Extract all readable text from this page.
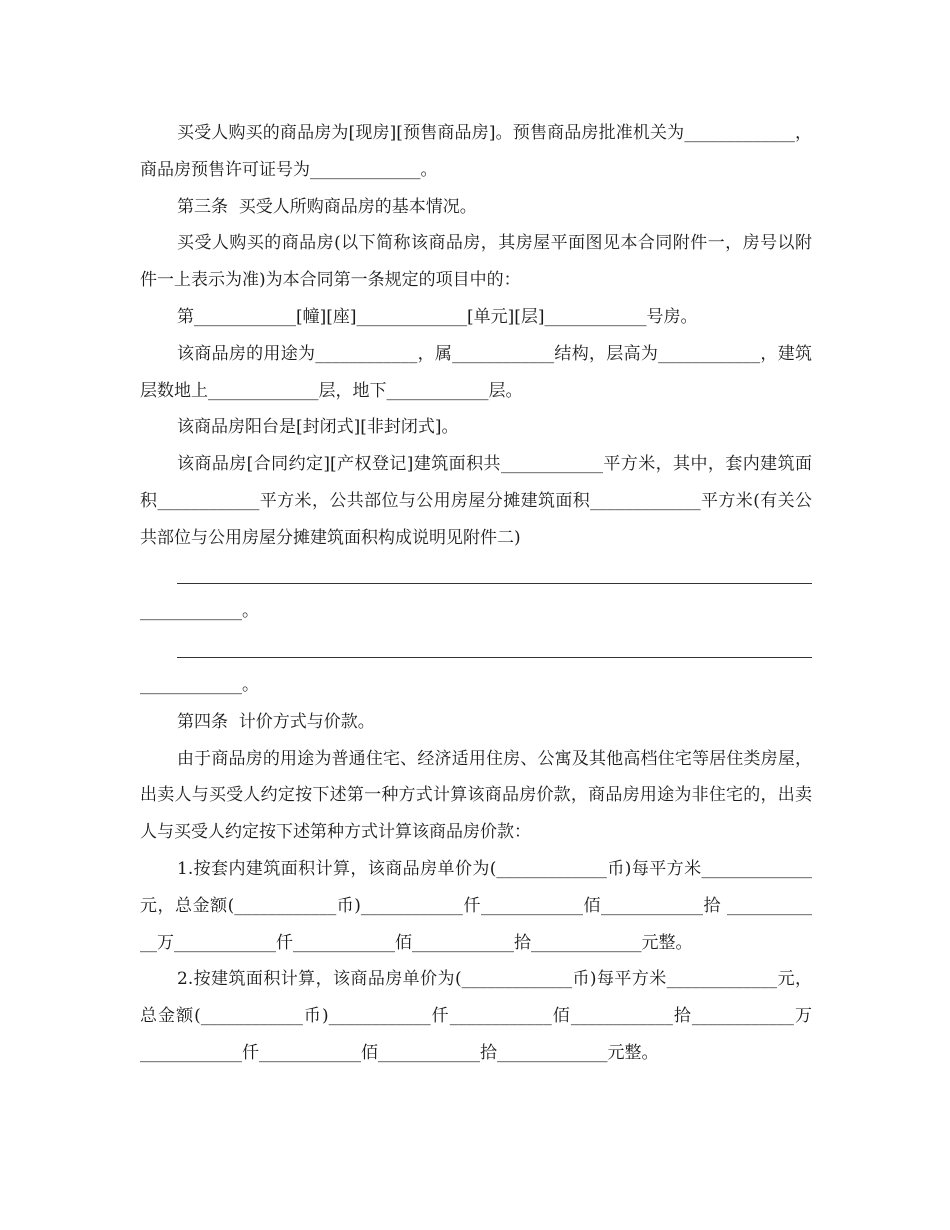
买受人购买的商品房为[现房][预售商品房]。预售商品房批准机关为_____________，商品房预售许可证号为_____________。

第三条  买受人所购商品房的基本情况。

买受人购买的商品房(以下简称该商品房，其房屋平面图见本合同附件一，房号以附件一上表示为准)为本合同第一条规定的项目中的：

第____________[幢][座]_____________[单元][层]____________号房。

该商品房的用途为____________，属____________结构，层高为____________，建筑层数地上_____________层，地下____________层。

该商品房阳台是[封闭式][非封闭式]。

该商品房[合同约定][产权登记]建筑面积共____________平方米，其中，套内建筑面积____________平方米，公共部位与公用房屋分摊建筑面积_____________平方米(有关公共部位与公用房屋分摊建筑面积构成说明见附件二)

____________。
____________。

第四条  计价方式与价款。

由于商品房的用途为普通住宅、经济适用住房、公寓及其他高档住宅等居住类房屋，出卖人与买受人约定按下述第一种方式计算该商品房价款，商品房用途为非住宅的，出卖人与买受人约定按下述第种方式计算该商品房价款：

1.按套内建筑面积计算，该商品房单价为(_____________币)每平方米_____________元，总金额(____________币)____________仟____________佰____________拾 ____________万____________仟____________佰____________拾_____________元整。

2.按建筑面积计算，该商品房单价为(_____________币)每平方米_____________元，总金额(____________币)____________仟____________佰____________拾____________万 ____________仟____________佰____________拾_____________元整。
